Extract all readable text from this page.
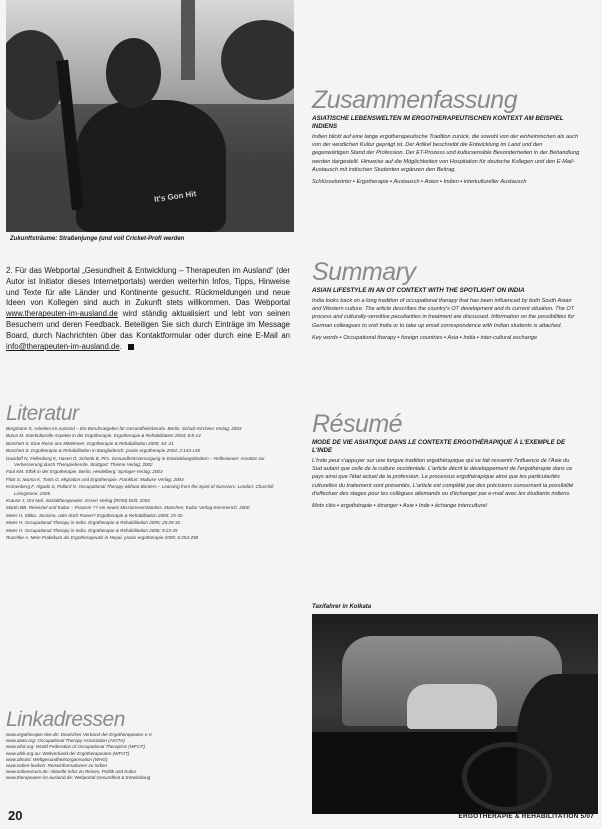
It's Gon Hit
Zukunftsträume: Straßenjunge (und voll Cricket-Profi werden
Zusammenfassung
ASIATISCHE LEBENSWELTEN IM ERGOTHERAPEUTISCHEN KONTEXT AM BEISPIEL INDIENS
Indien blickt auf eine lange ergotherapeutische Tradition zurück, die sowohl von der einheimischen als auch von der westlichen Kultur geprägt ist. Der Artikel beschreibt die Entwicklung im Land und den gegenwärtigen Stand der Profession. Der ET-Prozess und kultursensible Besonderheiten in der Behandlung werden dargestellt. Hinweise auf die Möglichkeiten von Hospitation für deutsche Kollegen und den E-Mail-Austausch mit indischen Studenten ergänzen den Beitrag.
Schlüsselwörter ▪ Ergotherapie ▪ Austausch ▪ Asien ▪ Indien ▪ interkultureller Austausch
Summary
ASIAN LIFESTYLE IN AN OT CONTEXT WITH THE SPOTLIGHT ON INDIA
India looks back on a long tradition of occupational therapy that has been influenced by both South Asian and Western culture. The article describes the country's OT development and its current situation. The OT process and culturally-sensitive peculiarities in treatment are discussed. Information on the possibilities for German colleagues to visit India or to take up email correspondence with Indian students is attached.
Key words ▪ Occupational therapy ▪ foreign countries ▪ Asia ▪ India ▪ inter-cultural exchange
Résumé
MODE DE VIE ASIATIQUE DANS LE CONTEXTE ERGOTHÉRAPIQUE À L'EXEMPLE DE L'INDE
L'Inde peut s'appuyer sur une longue tradition ergothérapique qui se fait ressentir l'influence de l'Asie du Sud autant que celle de la culture occidentale. L'article décrit le développement de l'ergothérapie dans ce pays ainsi que l'état actuel de la profession. Le processus ergothérapique ainsi que les particularités culturelles du traitement sont présentés. L'article est complété par des précisions concernant la possibilité d'effectuer des stages pour les collègues allemands ou d'échanger par e-mail avec les étudiants indiens.
Mots clés ▪ ergothérapie ▪ étranger ▪ Asie ▪ Inde ▪ échange interculturel
2. Für das Webportal „Gesundheit & Entwicklung – Therapeuten im Ausland“ (der Autor ist Initiator dieses Internetportals) werden weiterhin Infos, Tipps, Hinweise und Texte für alle Länder und Kontinente gesucht. Rückmeldungen und neue Ideen von Kollegen sind auch in Zukunft stets willkommen. Das Webportal www.therapeuten-im-ausland.de wird ständig aktualisiert und lebt von seinen Besuchern und deren Feedback. Beteiligen Sie sich durch Einträge im Message Board, durch Nachrichten über das Kontaktformular oder durch eine E-Mail an info@therapeuten-im-ausland.de.
Literatur

Bergmann S. Arbeiten im Ausland – Ein Berufsratgeber für Gesundheitsberufe. Berlin: Schulz-Kirchner Verlag; 2003

Borus M. Interkulturelle Aspekte in der Ergotherapie. Ergotherapie & Rehabilitation 2004; 8:8-14

Boschert S. Eine Reise ans Mittelmeer. Ergotherapie & Rehabilitation 2005; 44: 21

Boschert S. Ergotherapie & Rehabilitation in Bangladesch. praxis ergotherapie 2004; 2:143-145

Davidoff N, Fellenberg K, Hasen D, Schenk B, Pirs. Gesundheitsversorgung in Entwicklungsländern – Reflexionen: Ansätze zur Verbesserung durch Therapieberufe. Stuttgart: Thieme Verlag; 2002

Faul KM. Ethik in der Ergotherapie. Berlin, Heidelberg: Springer-Verlag; 2003

Flick S, Iwama K, Tonts G. Migration und Ergotherapie. Frankfurt: Mabuse Verlag; 2004

Kronenberg F, Algado S, Pollard N. Occupational Therapy without Borders – Learning from the Spirit of Survivors. London: Churchill Livingstone; 2005

Krause J, Oni Neil. Sozialtherapeuten. Essen Verlag (ROM) Dritt; 2003

Martin BB. Reiseziel und Kultur – Praxiser ?? ein neues Missionsverständnis. München: Kultur Verlag Kemmerich; 2000

Meier H, Sikka. Jasmine, oder doch Raven? Ergotherapie & Rehabilitation 2005; 25-30

Meier H. Occupational Therapy in India. Ergotherapie & Rehabilitation 2005; 25:28-32

Meier H. Occupational Therapy in India. Ergotherapie & Rehabilitation 2006; 9:23-25

Ruschke A. Mein Praktikum als Ergotherapeutin in Nepal. praxis ergotherapie 2005; 6:254-258

Linkadressen
www.ergotherapie-dve.de: Deutscher Verband der Ergotherapeuten e.V.
www.aiota.org: Occupational Therapy Association (AIOTA)
www.wfot.org: World Federation of Occupational Therapists (WFOT)
www.ahik.org.au: Weltverband der Ergotherapeuten (WFOT)
www.altruist: Weltgesundheitsorganisation (WHO)
www.indien-lexikon: Reiseinformationen zu Indien
www.indienvisum.de: Aktuelle Infos zu Reisen, Politik und Kultur
www.therapeuten-im-ausland.de: Webportal Gesundheit & Entwicklung
Taxifahrer in Kolkata
20	ERGOTHERAPIE & REHABILITATION 5/07
